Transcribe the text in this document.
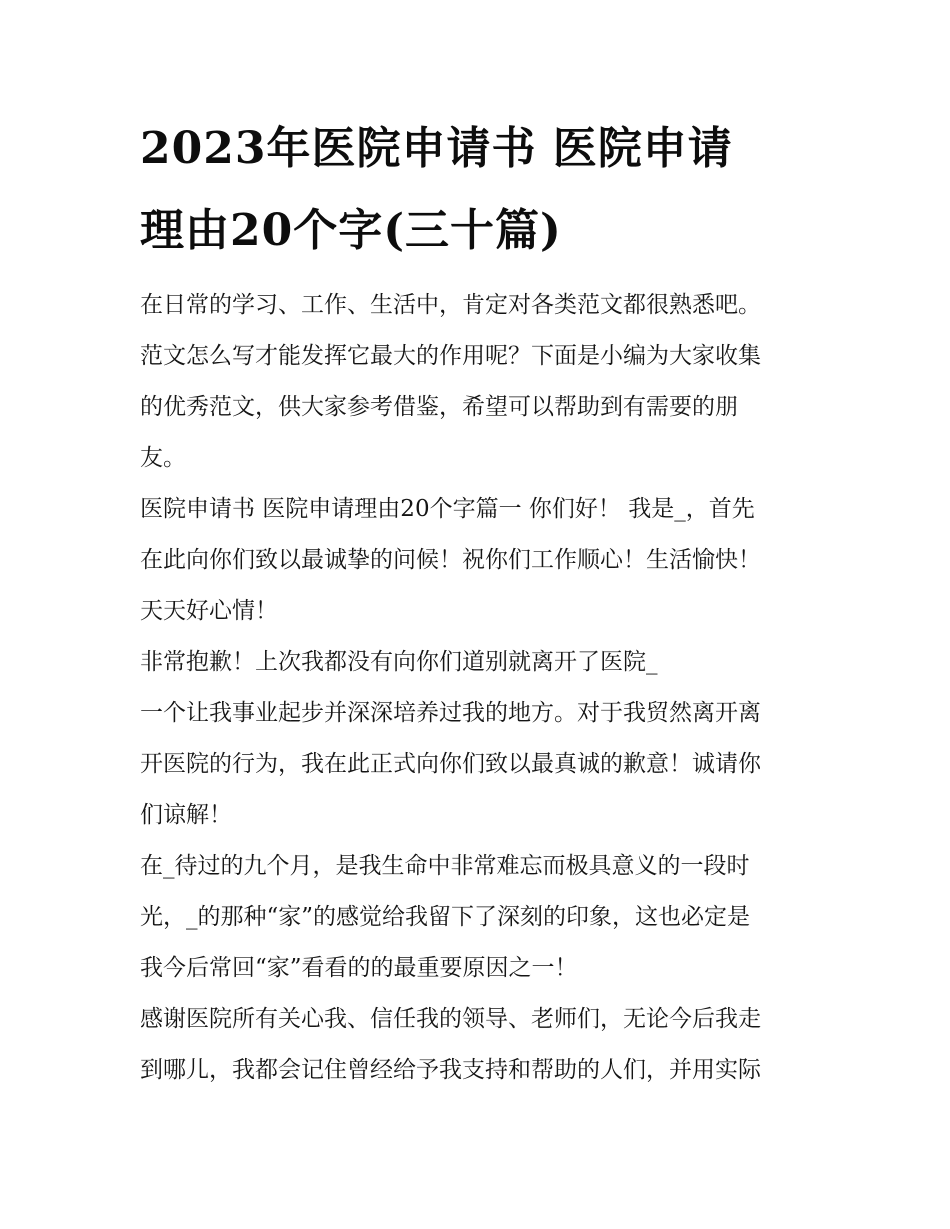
2023年医院申请书 医院申请
理由20个字(三十篇)
在日常的学习、工作、生活中，肯定对各类范文都很熟悉吧。
范文怎么写才能发挥它最大的作用呢？下面是小编为大家收集
的优秀范文，供大家参考借鉴，希望可以帮助到有需要的朋
友。
医院申请书 医院申请理由20个字篇一 你们好！ 我是_，首先
在此向你们致以最诚挚的问候！祝你们工作顺心！生活愉快！
天天好心情！
非常抱歉！上次我都没有向你们道别就离开了医院_
一个让我事业起步并深深培养过我的地方。对于我贸然离开离
开医院的行为，我在此正式向你们致以最真诚的歉意！诚请你
们谅解！
在_待过的九个月，是我生命中非常难忘而极具意义的一段时
光，_的那种“家”的感觉给我留下了深刻的印象，这也必定是
我今后常回“家”看看的的最重要原因之一！
感谢医院所有关心我、信任我的领导、老师们，无论今后我走
到哪儿，我都会记住曾经给予我支持和帮助的人们，并用实际
